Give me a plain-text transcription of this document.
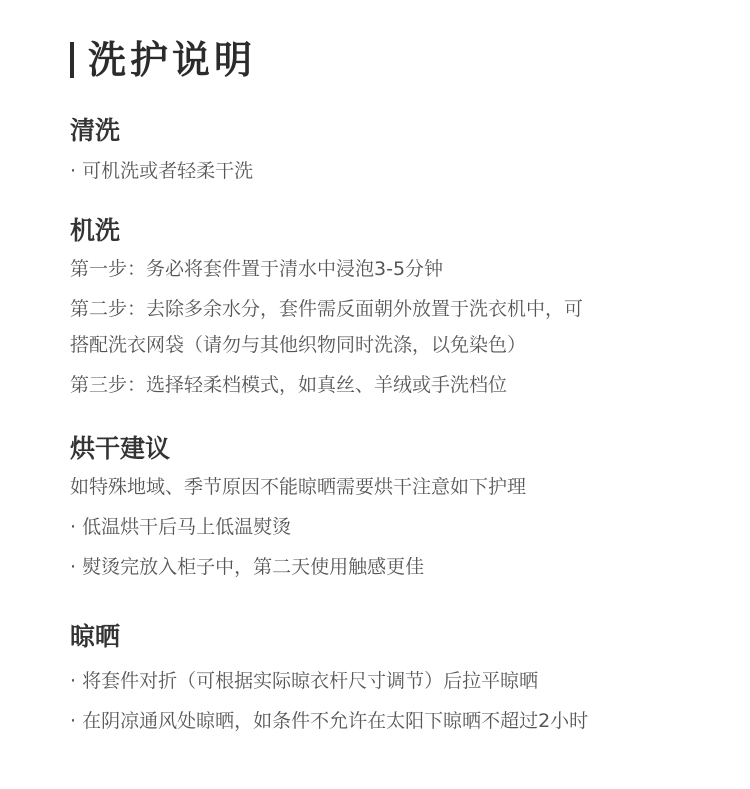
洗护说明

清洗

· 可机洗或者轻柔干洗

机洗

第一步：务必将套件置于清水中浸泡3-5分钟

第二步：去除多余水分，套件需反面朝外放置于洗衣机中，可

搭配洗衣网袋（请勿与其他织物同时洗涤，以免染色）

第三步：选择轻柔档模式，如真丝、羊绒或手洗档位

烘干建议

如特殊地域、季节原因不能晾晒需要烘干注意如下护理

· 低温烘干后马上低温熨烫

· 熨烫完放入柜子中，第二天使用触感更佳

晾晒

· 将套件对折（可根据实际晾衣杆尺寸调节）后拉平晾晒

· 在阴凉通风处晾晒，如条件不允许在太阳下晾晒不超过2小时
